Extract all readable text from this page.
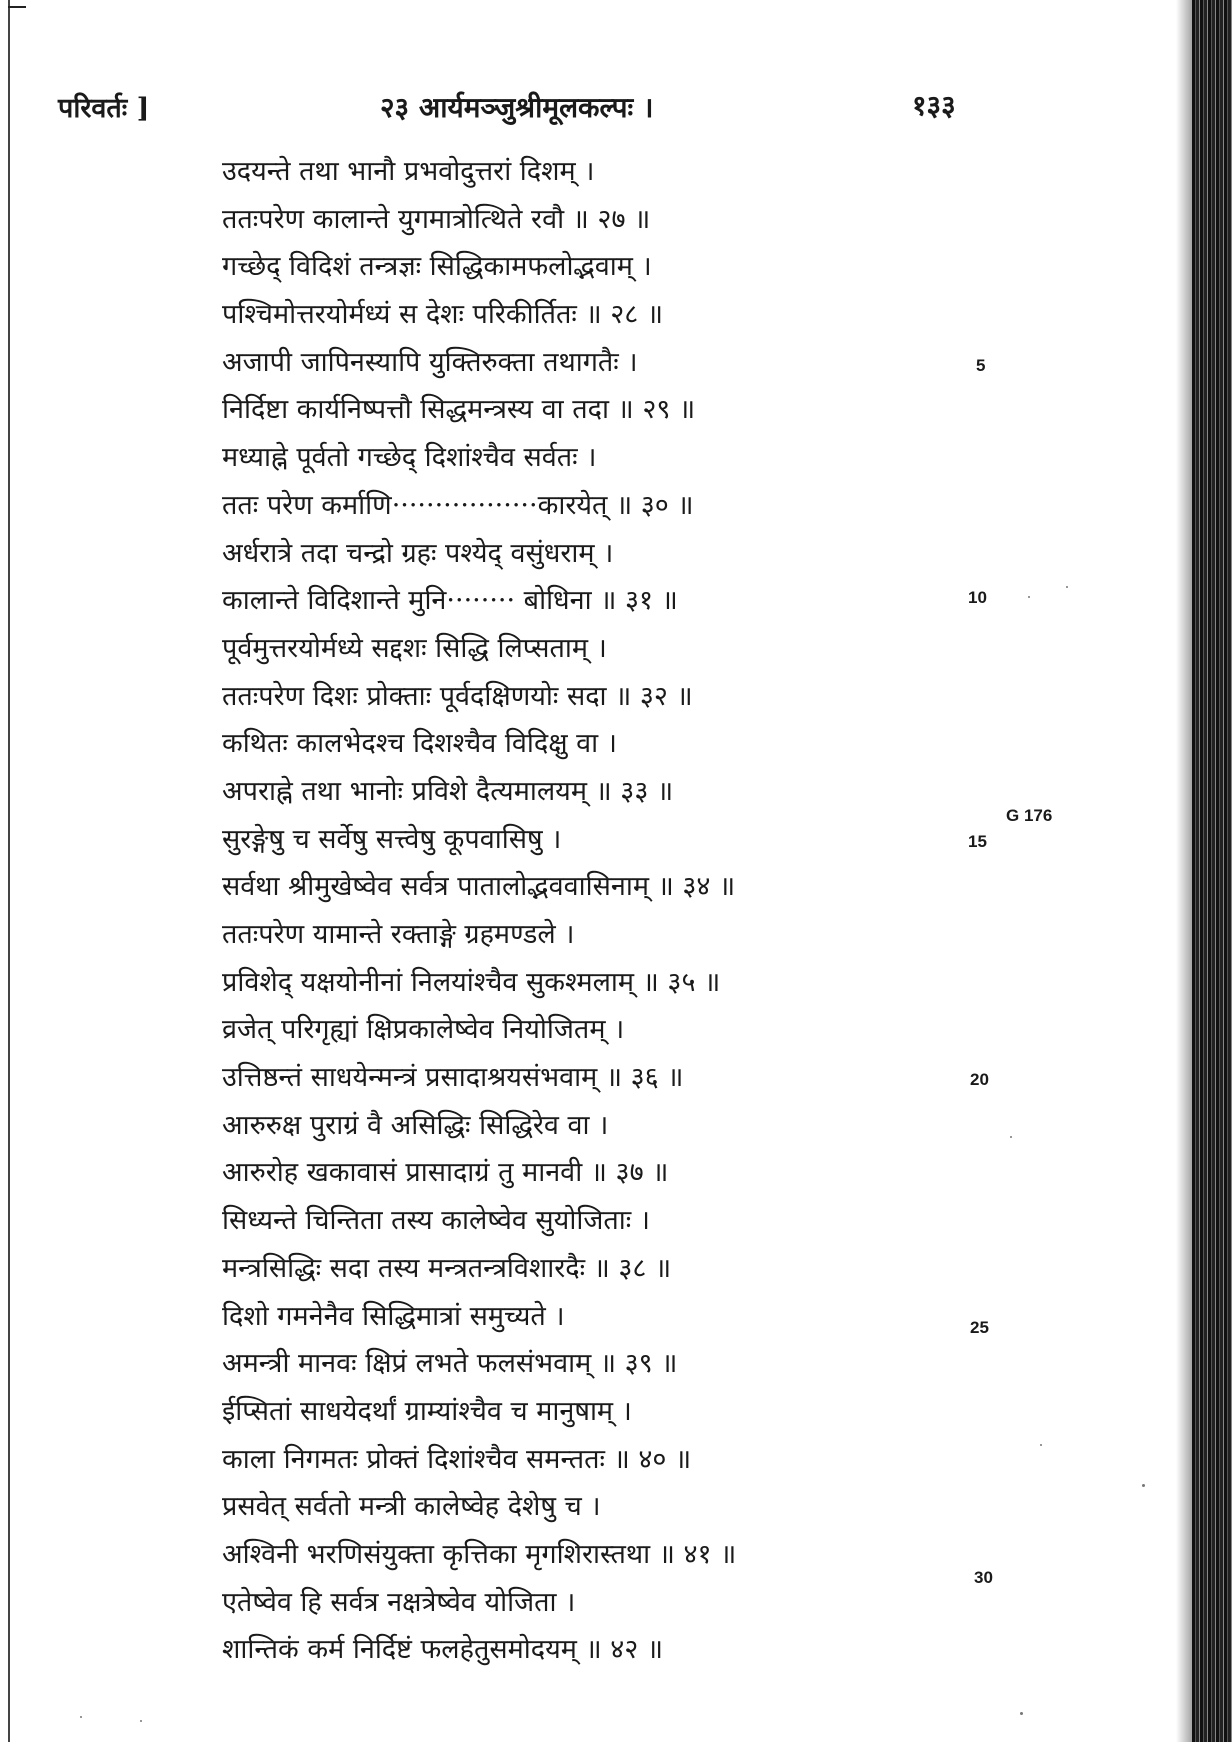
परिवर्तः ]	२३ आर्यमञ्जुश्रीमूलकल्पः ।	१३३
उदयन्ते तथा भानौ प्रभवोदुत्तरां दिशम् ।
ततःपरेण कालान्ते युगमात्रोत्थिते रवौ ॥ २७ ॥
गच्छेद् विदिशं तन्त्रज्ञः सिद्धिकामफलोद्भवाम् ।
पश्चिमोत्तरयोर्मध्यं स देशः परिकीर्तितः ॥ २८ ॥
अजापी जापिनस्यापि युक्तिरुक्ता तथागतैः ।
निर्दिष्टा कार्यनिष्पत्तौ सिद्धमन्त्रस्य वा तदा ॥ २९ ॥
मध्याह्ने पूर्वतो गच्छेद् दिशांश्चैव सर्वतः ।
ततः परेण कर्माणि·················कारयेत् ॥ ३० ॥
अर्धरात्रे तदा चन्द्रो ग्रहः पश्येद् वसुंधराम् ।
कालान्ते विदिशान्ते मुनि········ बोधिना ॥ ३१ ॥
पूर्वमुत्तरयोर्मध्ये सद्दशः सिद्धि लिप्सताम् ।
ततःपरेण दिशः प्रोक्ताः पूर्वदक्षिणयोः सदा ॥ ३२ ॥
कथितः कालभेदश्च दिशश्चैव विदिक्षु वा ।
अपराह्ने तथा भानोः प्रविशे दैत्यमालयम् ॥ ३३ ॥
सुरङ्गेषु च सर्वेषु सत्त्वेषु कूपवासिषु ।
सर्वथा श्रीमुखेष्वेव सर्वत्र पातालोद्भववासिनाम् ॥ ३४ ॥
ततःपरेण यामान्ते रक्ताङ्गे ग्रहमण्डले ।
प्रविशेद् यक्षयोनीनां निलयांश्चैव सुकश्मलाम् ॥ ३५ ॥
व्रजेत् परिगृह्यां क्षिप्रकालेष्वेव नियोजितम् ।
उत्तिष्ठन्तं साधयेन्मन्त्रं प्रसादाश्रयसंभवाम् ॥ ३६ ॥
आरुरुक्ष पुराग्रं वै असिद्धिः सिद्धिरेव वा ।
आरुरोह खकावासं प्रासादाग्रं तु मानवी ॥ ३७ ॥
सिध्यन्ते चिन्तिता तस्य कालेष्वेव सुयोजिताः ।
मन्त्रसिद्धिः सदा तस्य मन्त्रतन्त्रविशारदैः ॥ ३८ ॥
दिशो गमनेनैव सिद्धिमात्रां समुच्यते ।
अमन्त्री मानवः क्षिप्रं लभते फलसंभवाम् ॥ ३९ ॥
ईप्सितां साधयेदर्थां ग्राम्यांश्चैव च मानुषाम् ।
काला निगमतः प्रोक्तं दिशांश्चैव समन्ततः ॥ ४० ॥
प्रसवेत् सर्वतो मन्त्री कालेष्वेह देशेषु च ।
अश्विनी भरणिसंयुक्ता कृत्तिका मृगशिरास्तथा ॥ ४१ ॥
एतेष्वेव हि सर्वत्र नक्षत्रेष्वेव योजिता ।
शान्तिकं कर्म निर्दिष्टं फलहेतुसमोदयम् ॥ ४२ ॥
5
10
15
20
25
30
G 176
